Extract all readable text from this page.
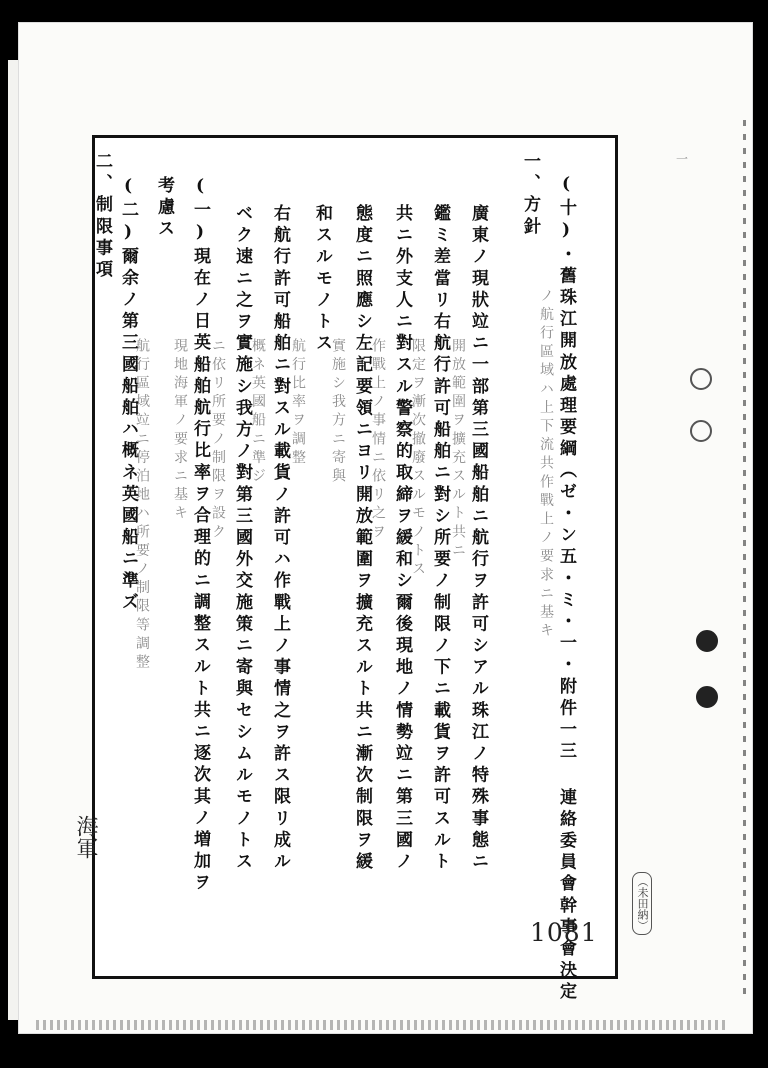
一
(十)・舊珠江開放處理要綱（ゼ・ン五・ミ・一・附件一三 連絡委員會幹事會決定
一、方針
廣東ノ現狀竝ニ一部第三國船舶ニ航行ヲ許可シアル珠江ノ特殊事態ニ
鑑ミ差當リ右航行許可船舶ニ對シ所要ノ制限ノ下ニ載貨ヲ許可スルト
共ニ外支人ニ對スル警察的取締ヲ緩和シ爾後現地ノ情勢竝ニ第三國ノ
態度ニ照應シ左記要領ニヨリ開放範圍ヲ擴充スルト共ニ漸次制限ヲ緩
和スルモノトス
右航行許可船舶ニ對スル載貨ノ許可ハ作戰上ノ事情之ヲ許ス限リ成ル
ベク速ニ之ヲ實施シ我方ノ對第三國外交施策ニ寄與セシムルモノトス
(一)現在ノ日英船舶航行比率ヲ合理的ニ調整スルト共ニ逐次其ノ増加ヲ
考慮ス
(二)爾余ノ第三國船舶ハ概ネ英國船ニ準ズ
二、制限事項
ノ航行區域ハ上下流共作戰上ノ要求ニ基キ
開放範圍ヲ擴充スルト共ニ
限定ヲ漸次撤廢スルモノトス
作戰上ノ事情ニ依リ之ヲ
實施シ我方ニ寄與
航行比率ヲ調整
概ネ英國船ニ準ジ
ニ依リ所要ノ制限ヲ設ク
現地海軍ノ要求ニ基キ
航行區域竝ニ停泊地ハ所要ノ制限等調整
海軍
1081
（未田納）
